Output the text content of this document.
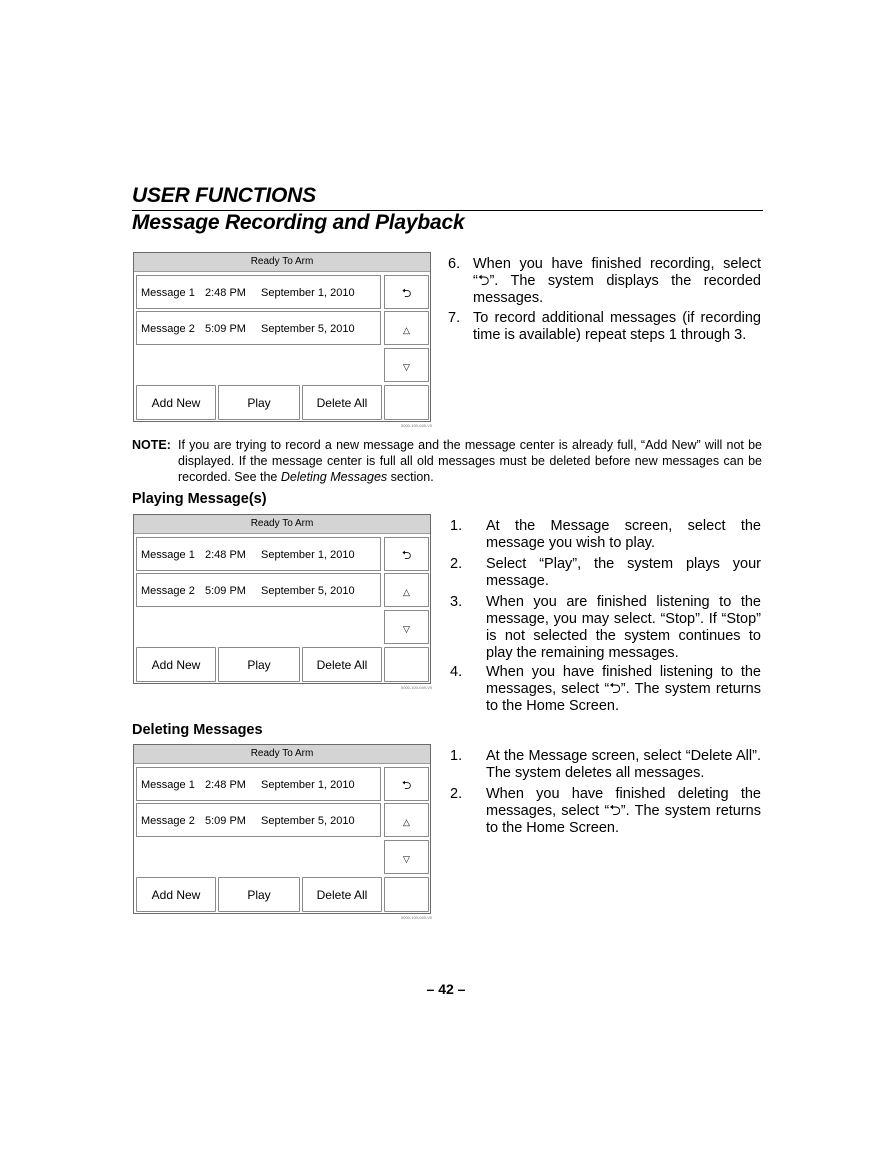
USER FUNCTIONS
Message Recording and Playback
Ready To Arm
Message 1 2:48 PM September 1, 2010
Message 2 5:09 PM September 5, 2010
⮌
△
▽
Add New	Play	Delete All
5000-100-049-V0
6. When you have finished recording, select “⮌”. The system displays the recorded messages.
7. To record additional messages (if recording time is available) repeat steps 1 through 3.
NOTE: If you are trying to record a new message and the message center is already full, “Add New” will not be displayed. If the message center is full all old messages must be deleted before new messages can be recorded. See the Deleting Messages section.
Playing Message(s)
Ready To Arm
Message 1 2:48 PM September 1, 2010
Message 2 5:09 PM September 5, 2010
⮌
△
▽
Add New	Play	Delete All
5000-100-049-V0
1. At the Message screen, select the message you wish to play.
2. Select “Play”, the system plays your message.
3. When you are finished listening to the message, you may select. “Stop”. If “Stop” is not selected the system continues to play the remaining messages.
4. When you have finished listening to the messages, select “⮌”. The system returns to the Home Screen.
Deleting Messages
Ready To Arm
Message 1 2:48 PM September 1, 2010
Message 2 5:09 PM September 5, 2010
⮌
△
▽
Add New	Play	Delete All
5000-100-049-V0
1. At the Message screen, select “Delete All”. The system deletes all messages.
2. When you have finished deleting the messages, select “⮌”. The system returns to the Home Screen.
– 42 –
